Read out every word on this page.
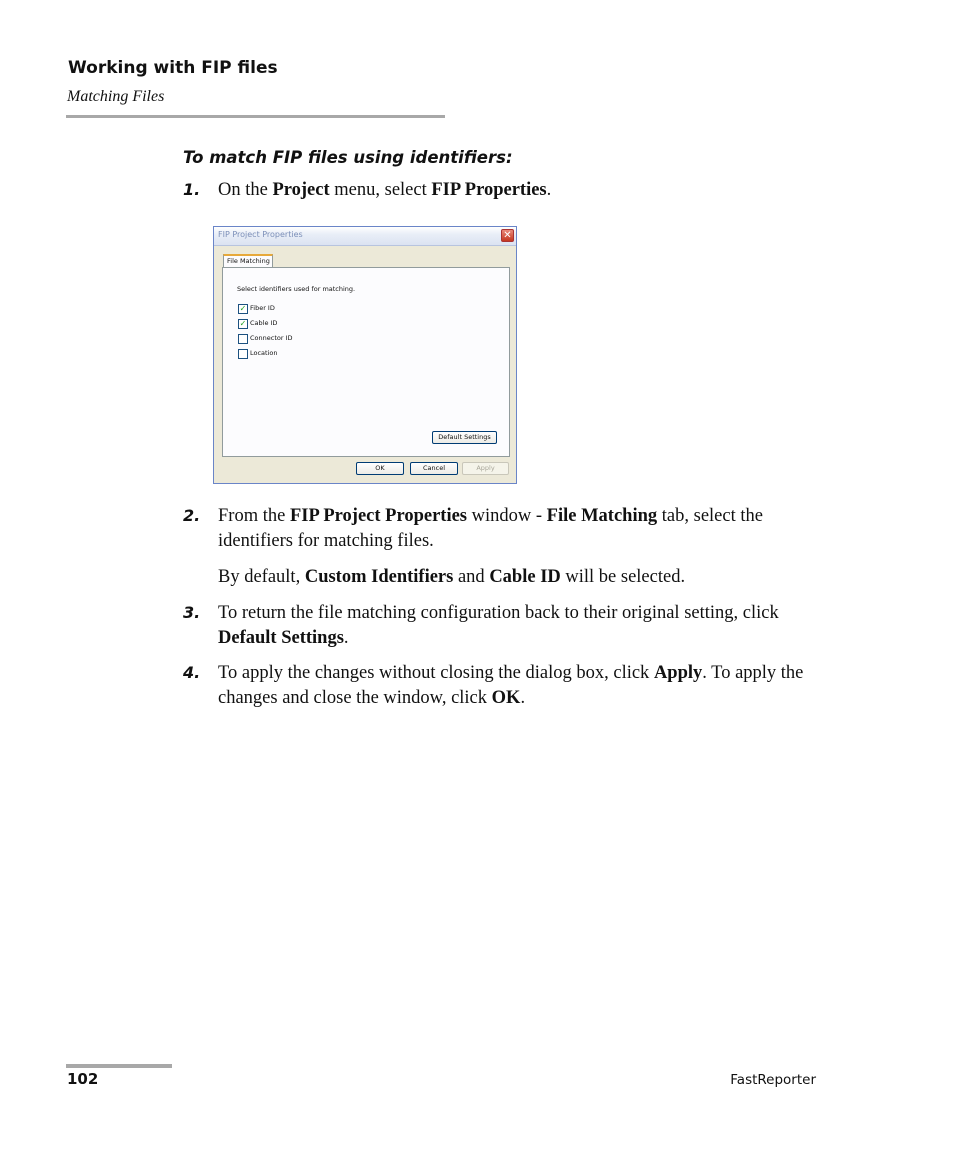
Working with FIP files
Matching Files
To match FIP files using identifiers:
1. On the Project menu, select FIP Properties.
FIP Project Properties	✕
File Matching
Select identifiers used for matching.
✓ Fiber ID
✓ Cable ID
Connector ID
Location
Default Settings
OK	Cancel	Apply
2. From the FIP Project Properties window - File Matching tab, select the identifiers for matching files.
By default, Custom Identifiers and Cable ID will be selected.
3. To return the file matching configuration back to their original setting, click Default Settings.
4. To apply the changes without closing the dialog box, click Apply. To apply the changes and close the window, click OK.
102	FastReporter
